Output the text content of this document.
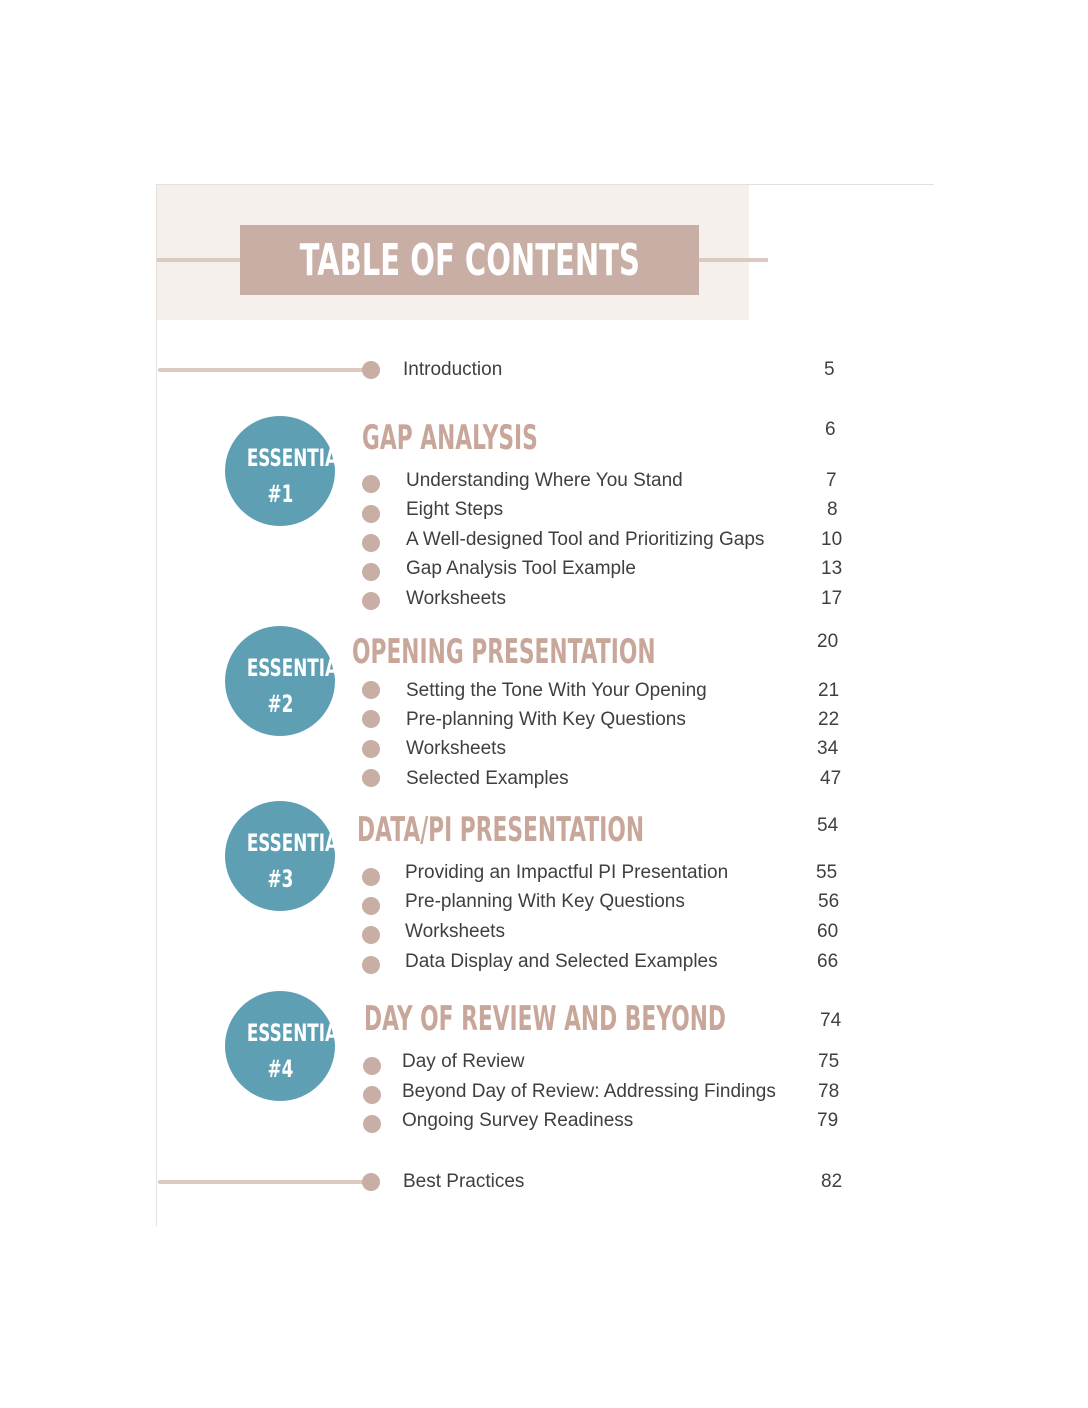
TABLE OF CONTENTS
Introduction	5
ESSENTIAL
#1
GAP ANALYSIS	6
Understanding Where You Stand	7
Eight Steps	8
A Well-designed Tool and Prioritizing Gaps	10
Gap Analysis Tool Example	13
Worksheets	17
ESSENTIAL
#2
OPENING PRESENTATION	20
Setting the Tone With Your Opening	21
Pre-planning With Key Questions	22
Worksheets	34
Selected Examples	47
ESSENTIAL
#3
DATA/PI PRESENTATION	54
Providing an Impactful PI Presentation	55
Pre-planning With Key Questions	56
Worksheets	60
Data Display and Selected Examples	66
ESSENTIAL
#4
DAY OF REVIEW AND BEYOND	74
Day of Review	75
Beyond Day of Review: Addressing Findings 78
Ongoing Survey Readiness	79
Best Practices	82
